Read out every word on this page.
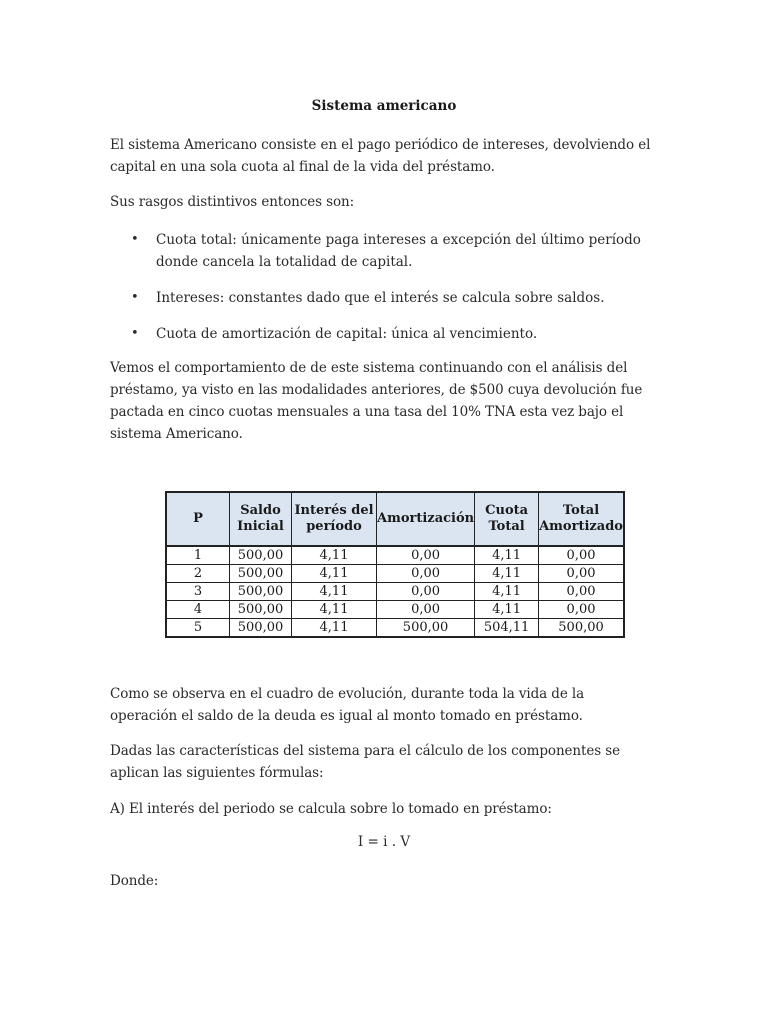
Sistema americano
El sistema Americano consiste en el pago periódico de intereses, devolviendo el capital en una sola cuota al final de la vida del préstamo.
Sus rasgos distintivos entonces son:
• Cuota total: únicamente paga intereses a excepción del último período donde cancela la totalidad de capital.
• Intereses: constantes dado que el interés se calcula sobre saldos.
• Cuota de amortización de capital: única al vencimiento.
Vemos el comportamiento de de este sistema continuando con el análisis del préstamo, ya visto en las modalidades anteriores, de $500 cuya devolución fue pactada en cinco cuotas mensuales a una tasa del 10% TNA esta vez bajo el sistema Americano.
P	Saldo Inicial	Interés del período	Amortización	Cuota Total	Total Amortizado
1	500,00	4,11	0,00	4,11	0,00
2	500,00	4,11	0,00	4,11	0,00
3	500,00	4,11	0,00	4,11	0,00
4	500,00	4,11	0,00	4,11	0,00
5	500,00	4,11	500,00	504,11	500,00
Como se observa en el cuadro de evolución, durante toda la vida de la operación el saldo de la deuda es igual al monto tomado en préstamo.
Dadas las características del sistema para el cálculo de los componentes se aplican las siguientes fórmulas:
A) El interés del periodo se calcula sobre lo tomado en préstamo:
I = i . V
Donde:
